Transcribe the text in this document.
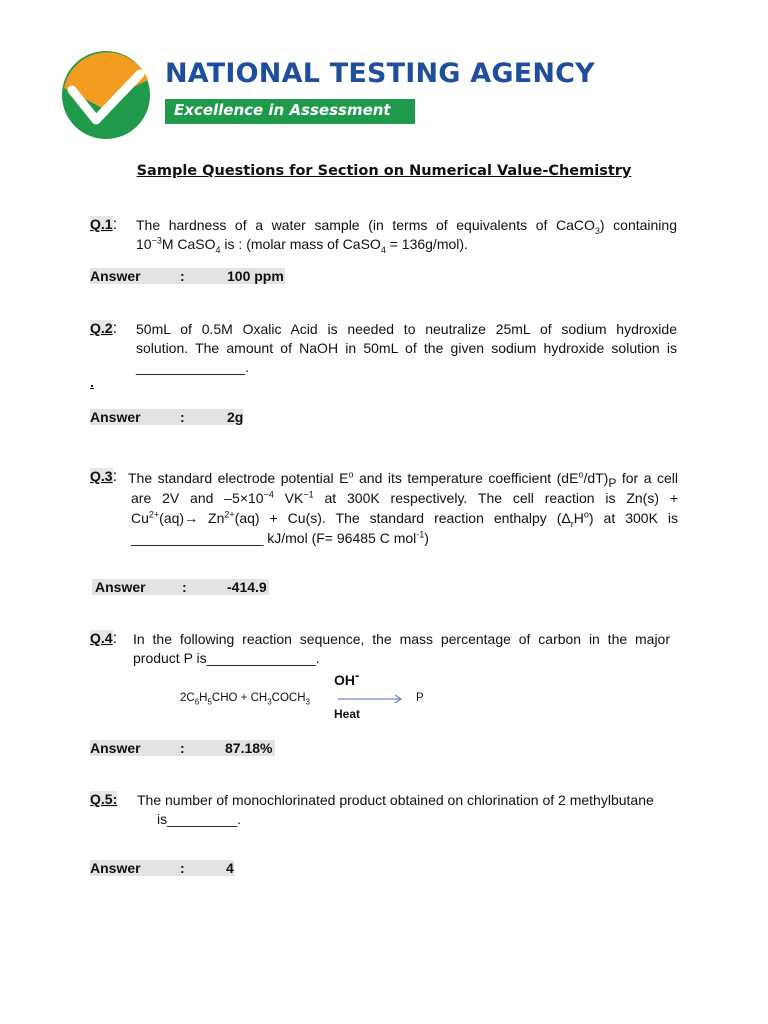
NATIONAL TESTING AGENCY
Excellence in Assessment
Sample Questions for Section on Numerical Value-Chemistry
Q.1: The hardness of a water sample (in terms of equivalents of CaCO$_3$) containing
$10^{-3}M$ CaSO$_4$ is : (molar mass of CaSO$_4$ = 136g/mol).
Answer	:	100 ppm

Q.2: 50mL of 0.5M Oxalic Acid is needed to neutralize 25mL of sodium hydroxide
solution. The amount of NaOH in 50mL of the given sodium hydroxide solution is
______________.
.
Answer	:	2g

Q.3: The standard electrode potential $E^o$ and its temperature coefficient $(dE^o/dT)_P$ for a cell
are 2V and $-5\times 10^{-4}$ $VK^{-1}$ at 300K respectively. The cell reaction is Zn(s) +
$Cu^{2+}(aq)\to Zn^{2+}(aq) + Cu(s)$. The standard reaction enthalpy $(\Delta_rH^o)$ at 300K is
_________________ kJ/mol (F= 96485 C mol$^{-1}$)
Answer	:	-414.9

Q.4: In the following reaction sequence, the mass percentage of carbon in the major
product P is______________.
OH-
$2C_6H_5CHO$ + $CH_3COCH_3$	P
Heat
Answer	:	87.18%

Q.5: The number of monochlorinated product obtained on chlorination of 2 methylbutane
is_________.
Answer	:	4
